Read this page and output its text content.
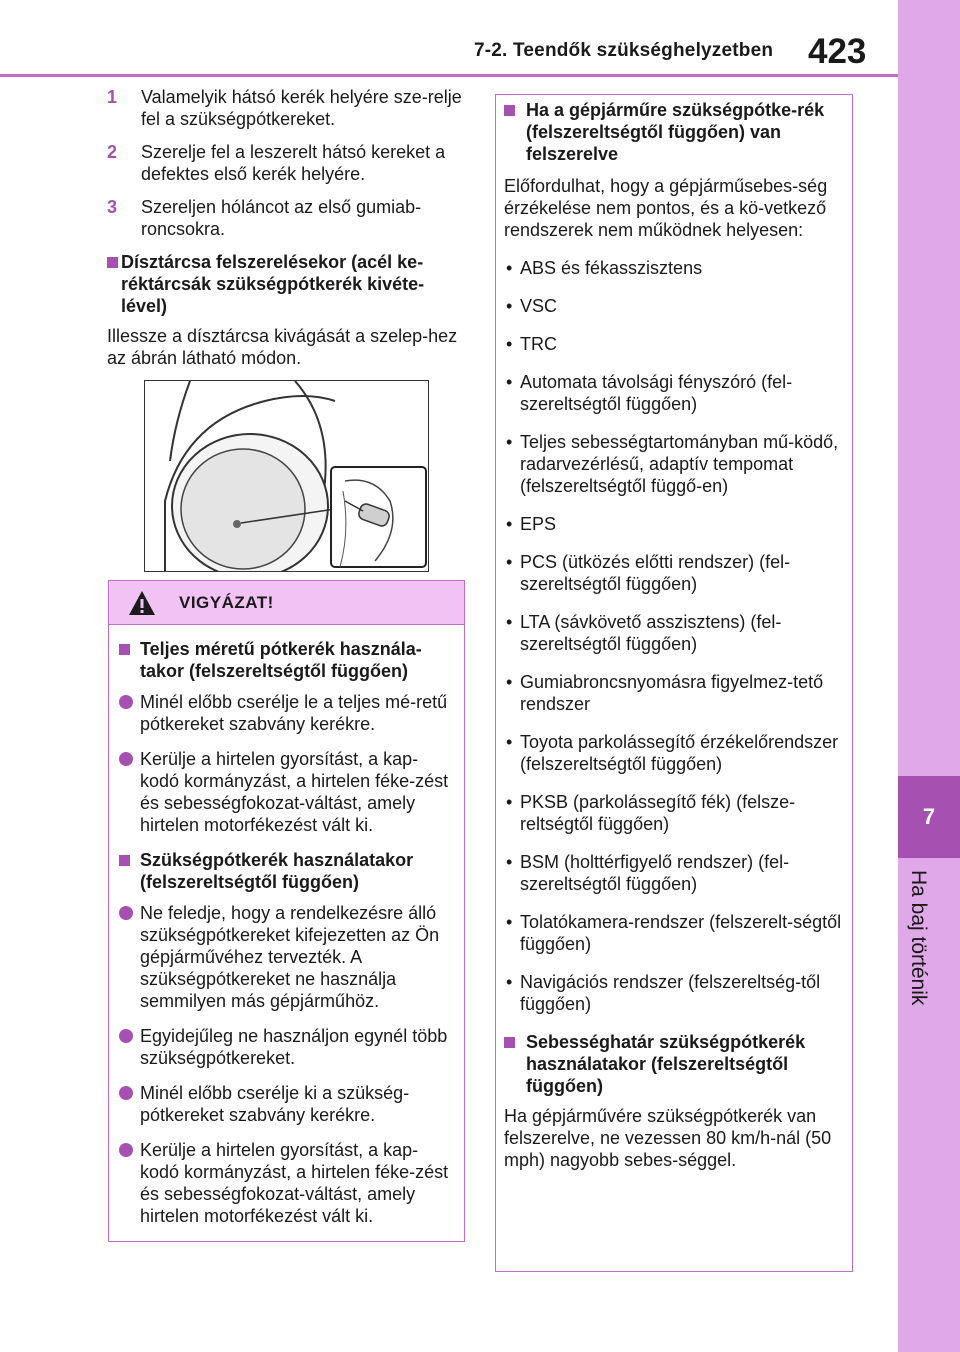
7-2. Teendők szükséghelyzetben 423
7
Ha baj történik
1 Valamelyik hátsó kerék helyére sze-relje fel a szükségpótkereket.
2 Szerelje fel a leszerelt hátsó kereket a defektes első kerék helyére.
3 Szereljen hóláncot az első gumiab-roncsokra.
Dísztárcsa felszerelésekor (acél ke-réktárcsák szükségpótkerék kivéte-lével)
Illessze a dísztárcsa kivágását a szelep-hez az ábrán látható módon.
VIGYÁZAT!
Teljes méretű pótkerék használa-takor (felszereltségtől függően)
Minél előbb cserélje le a teljes mé-retű pótkereket szabvány kerékre.
Kerülje a hirtelen gyorsítást, a kap-kodó kormányzást, a hirtelen féke-zést és sebességfokozat-váltást, amely hirtelen motorfékezést vált ki.
Szükségpótkerék használatakor (felszereltségtől függően)
Ne feledje, hogy a rendelkezésre álló szükségpótkereket kifejezetten az Ön gépjárművéhez tervezték. A szükségpótkereket ne használja semmilyen más gépjárműhöz.
Egyidejűleg ne használjon egynél több szükségpótkereket.
Minél előbb cserélje ki a szükség-pótkereket szabvány kerékre.
Kerülje a hirtelen gyorsítást, a kap-kodó kormányzást, a hirtelen féke-zést és sebességfokozat-váltást, amely hirtelen motorfékezést vált ki.
Ha a gépjárműre szükségpótke-rék (felszereltségtől függően) van felszerelve
Előfordulhat, hogy a gépjárműsebes-ség érzékelése nem pontos, és a kö-vetkező rendszerek nem működnek helyesen:
• ABS és fékasszisztens
• VSC
• TRC
• Automata távolsági fényszóró (fel-szereltségtől függően)
• Teljes sebességtartományban mű-ködő, radarvezérlésű, adaptív tempomat (felszereltségtől függő-en)
• EPS
• PCS (ütközés előtti rendszer) (fel-szereltségtől függően)
• LTA (sávkövető asszisztens) (fel-szereltségtől függően)
• Gumiabroncsnyomásra figyelmez-tető rendszer
• Toyota parkolássegítő érzékelőrendszer (felszereltségtől függően)
• PKSB (parkolássegítő fék) (felsze-reltségtől függően)
• BSM (holttérfigyelő rendszer) (fel-szereltségtől függően)
• Tolatókamera-rendszer (felszerelt-ségtől függően)
• Navigációs rendszer (felszereltség-től függően)
Sebességhatár szükségpótkerék használatakor (felszereltségtől függően)
Ha gépjárművére szükségpótkerék van felszerelve, ne vezessen 80 km/h-nál (50 mph) nagyobb sebes-séggel.
